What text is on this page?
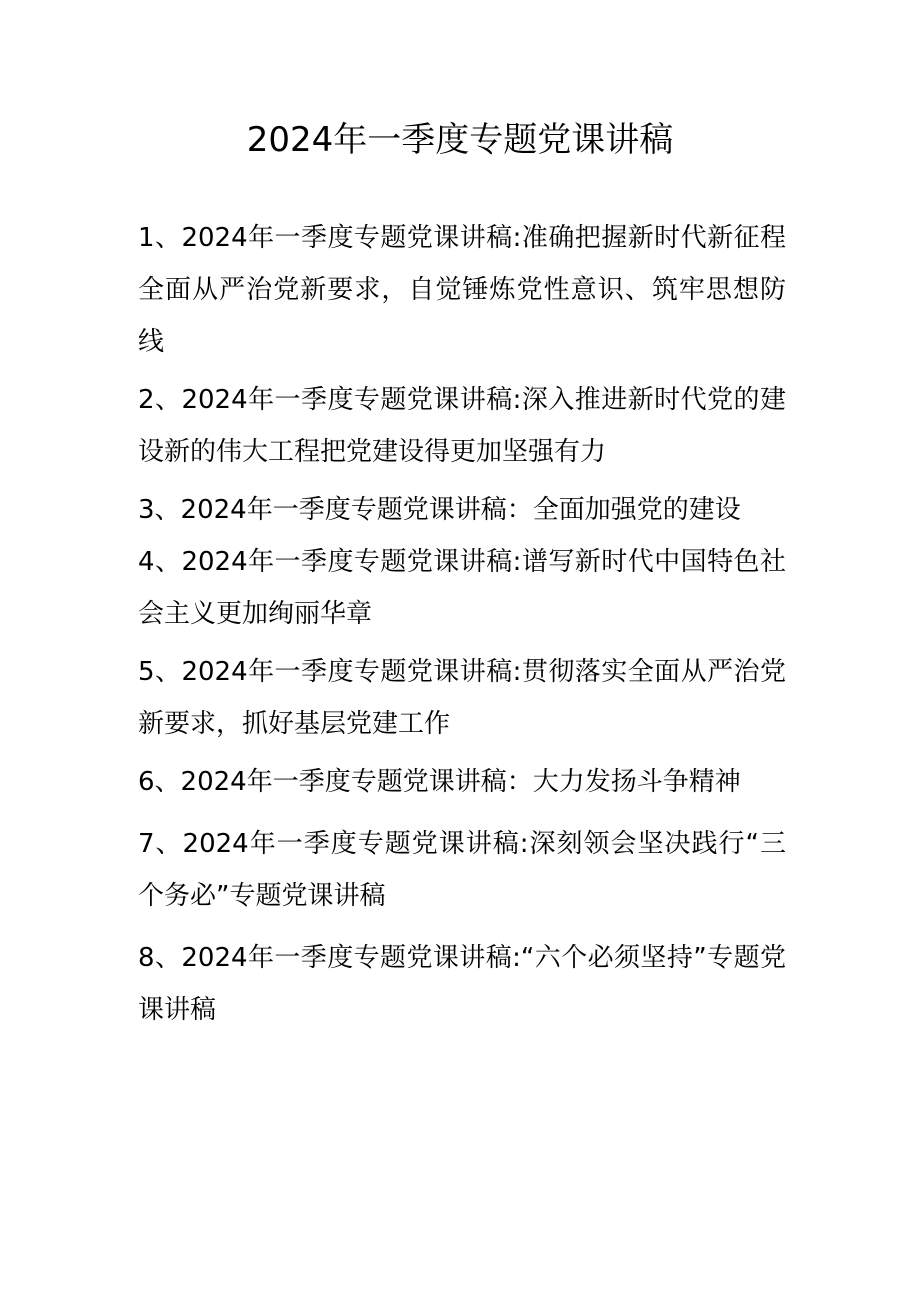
2024年一季度专题党课讲稿
1、2024年一季度专题党课讲稿:准确把握新时代新征程全面从严治党新要求，自觉锤炼党性意识、筑牢思想防线
2、2024年一季度专题党课讲稿:深入推进新时代党的建设新的伟大工程把党建设得更加坚强有力
3、2024年一季度专题党课讲稿：全面加强党的建设
4、2024年一季度专题党课讲稿:谱写新时代中国特色社会主义更加绚丽华章
5、2024年一季度专题党课讲稿:贯彻落实全面从严治党新要求，抓好基层党建工作
6、2024年一季度专题党课讲稿：大力发扬斗争精神
7、2024年一季度专题党课讲稿:深刻领会坚决践行“三个务必”专题党课讲稿
8、2024年一季度专题党课讲稿:“六个必须坚持”专题党课讲稿
